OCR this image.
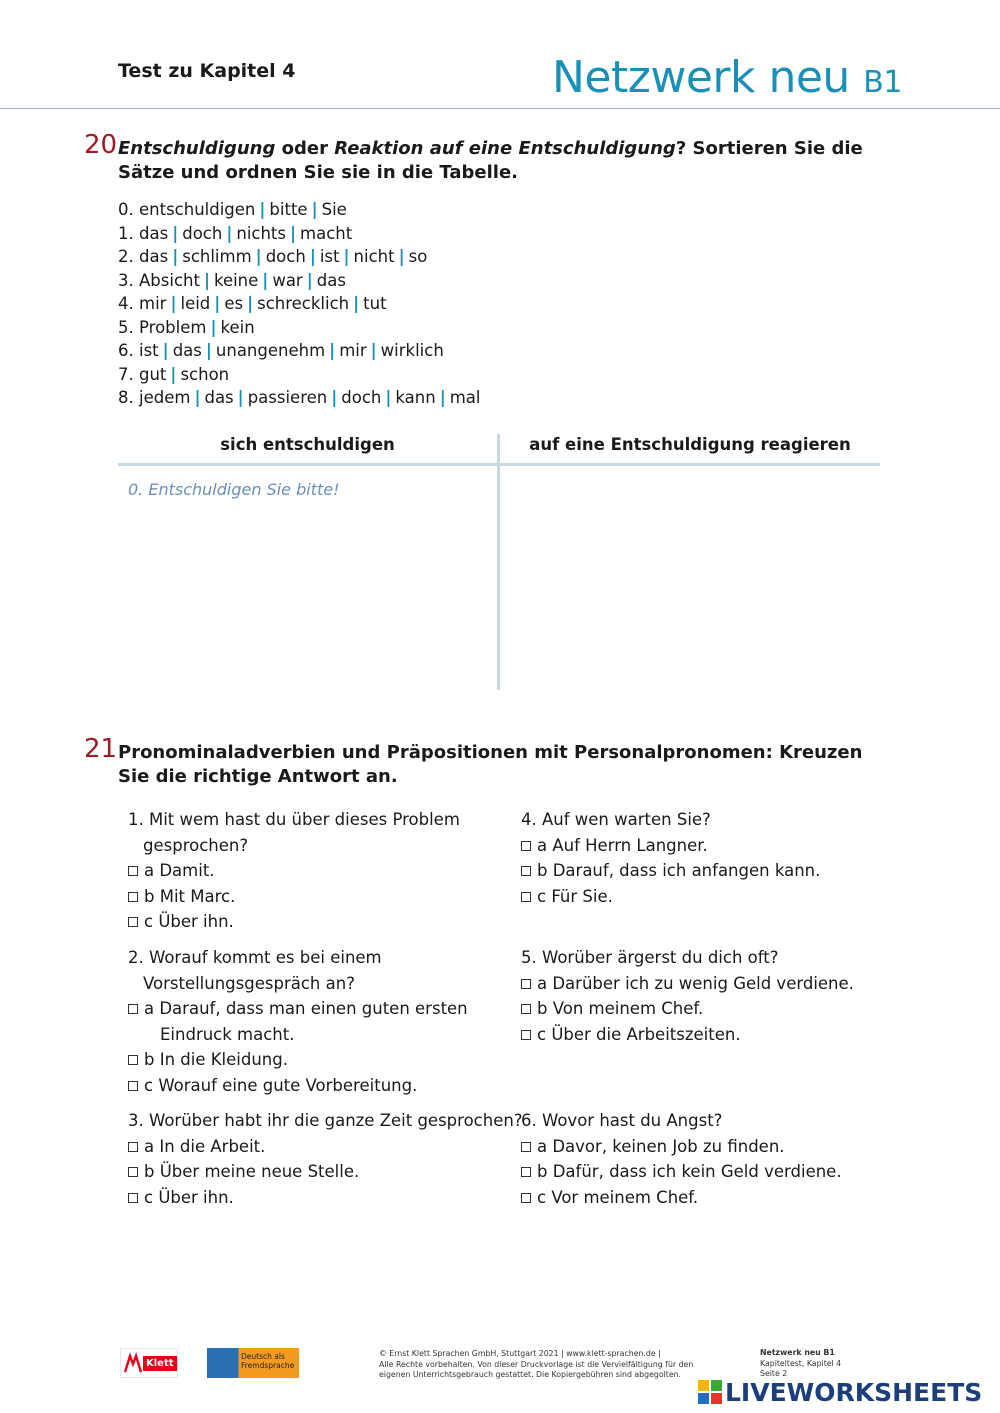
Test zu Kapitel 4	Netzwerk neu B1
20 Entschuldigung oder Reaktion auf eine Entschuldigung? Sortieren Sie die Sätze und ordnen Sie sie in die Tabelle.
0. entschuldigen | bitte | Sie
1. das | doch | nichts | macht
2. das | schlimm | doch | ist | nicht | so
3. Absicht | keine | war | das
4. mir | leid | es | schrecklich | tut
5. Problem | kein
6. ist | das | unangenehm | mir | wirklich
7. gut | schon
8. jedem | das | passieren | doch | kann | mal
sich entschuldigen	auf eine Entschuldigung reagieren
0. Entschuldigen Sie bitte!
21 Pronominaladverbien und Präpositionen mit Personalpronomen: Kreuzen Sie die richtige Antwort an.
1. Mit wem hast du über dieses Problem
gesprochen?
a Damit.
b Mit Marc.
c Über ihn.
2. Worauf kommt es bei einem
Vorstellungsgespräch an?
a Darauf, dass man einen guten ersten
Eindruck macht.
b In die Kleidung.
c Worauf eine gute Vorbereitung.
3. Worüber habt ihr die ganze Zeit gesprochen?
a In die Arbeit.
b Über meine neue Stelle.
c Über ihn.
4. Auf wen warten Sie?
a Auf Herrn Langner.
b Darauf, dass ich anfangen kann.
c Für Sie.
5. Worüber ärgerst du dich oft?
a Darüber ich zu wenig Geld verdiene.
b Von meinem Chef.
c Über die Arbeitszeiten.
6. Wovor hast du Angst?
a Davor, keinen Job zu finden.
b Dafür, dass ich kein Geld verdiene.
c Vor meinem Chef.
Klett
Deutsch als Fremdsprache
© Ernst Klett Sprachen GmbH, Stuttgart 2021 | www.klett-sprachen.de |
Alle Rechte vorbehalten. Von dieser Druckvorlage ist die Vervielfältigung für den
eigenen Unterrichtsgebrauch gestattet. Die Kopiergebühren sind abgegolten.
Netzwerk neu B1
Kapiteltest, Kapitel 4
Seite 2
LIVEWORKSHEETS
